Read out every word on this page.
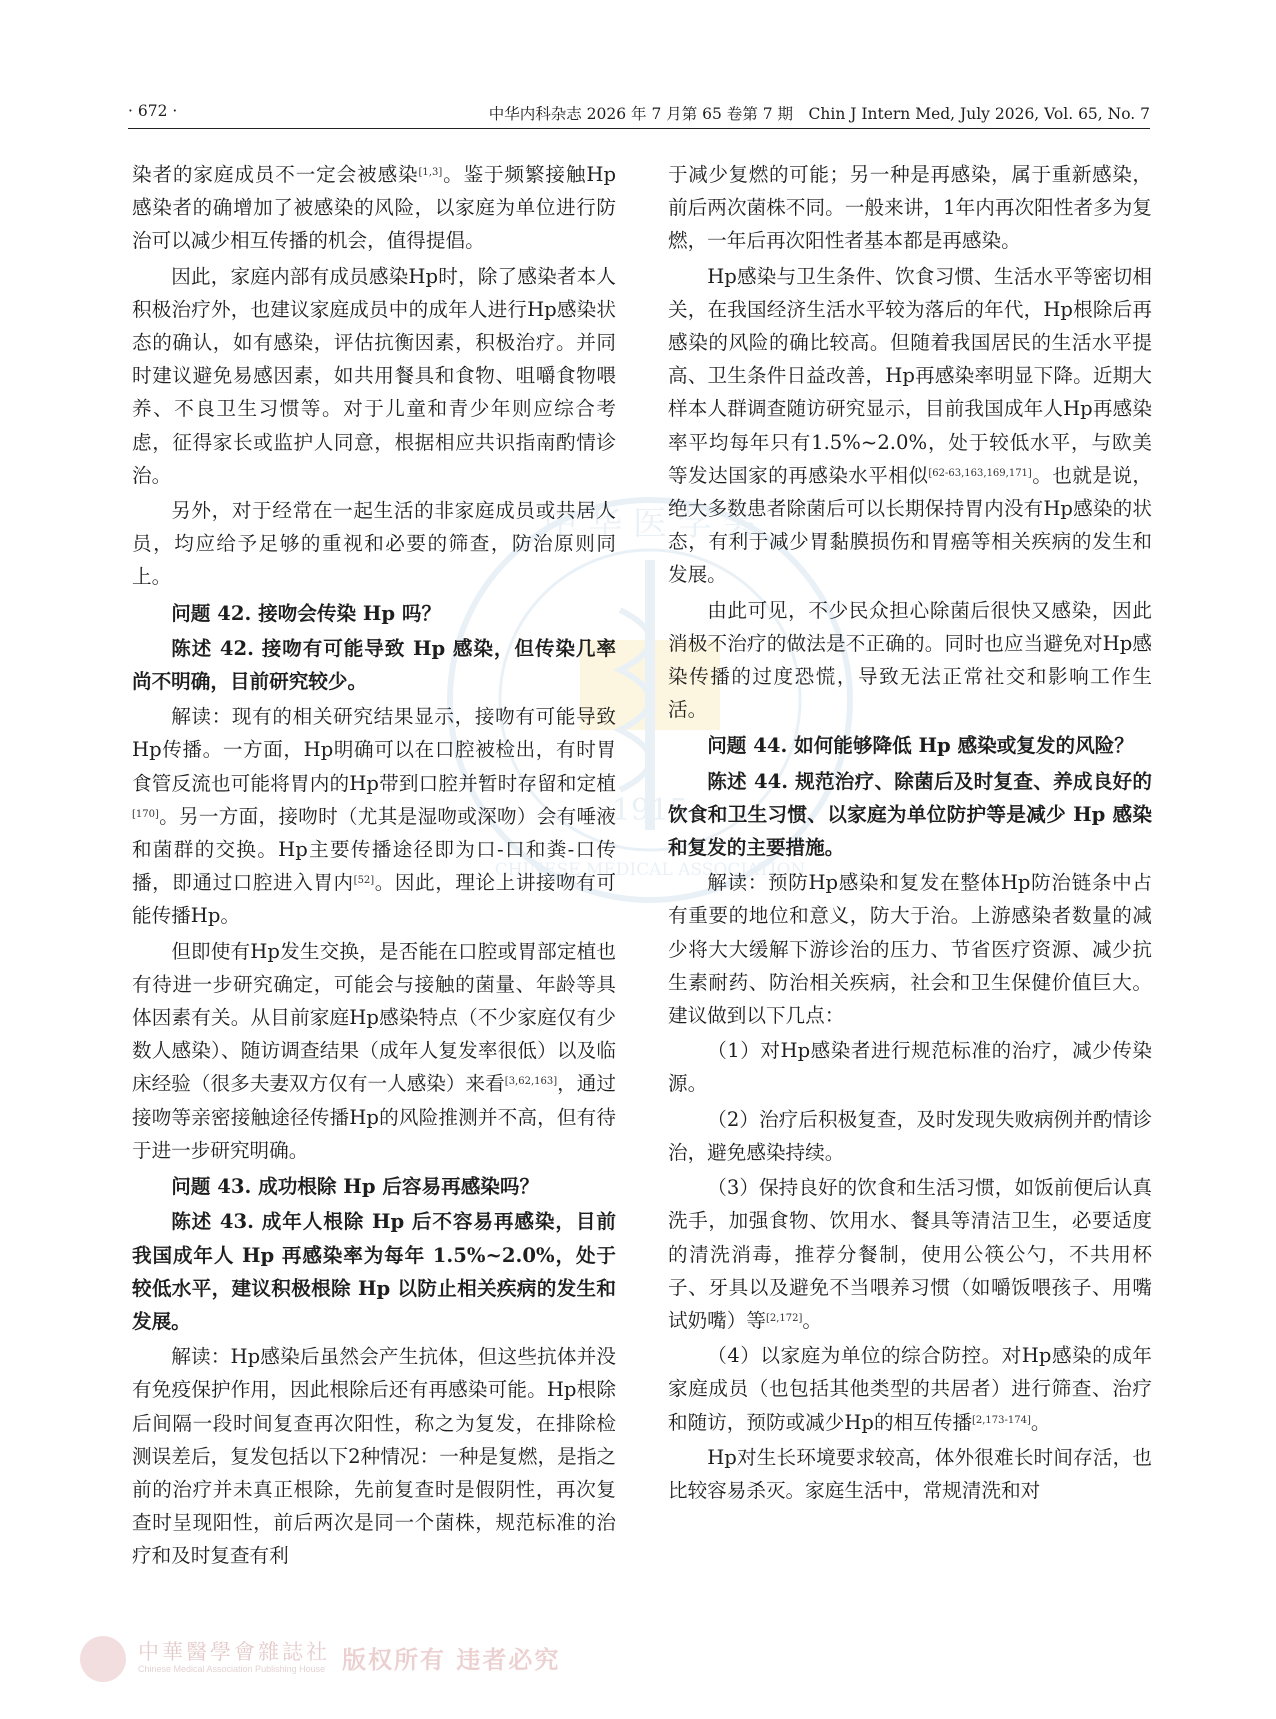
中 华 医 学 会
1915
CHINESE MEDICAL ASSOCIATION
· 672 ·	中华内科杂志 2026 年 7 月第 65 卷第 7 期　Chin J Intern Med, July 2026, Vol. 65, No. 7

染者的家庭成员不一定会被感染[1,3]。鉴于频繁接触Hp感染者的确增加了被感染的风险，以家庭为单位进行防治可以减少相互传播的机会，值得提倡。

因此，家庭内部有成员感染Hp时，除了感染者本人积极治疗外，也建议家庭成员中的成年人进行Hp感染状态的确认，如有感染，评估抗衡因素，积极治疗。并同时建议避免易感因素，如共用餐具和食物、咀嚼食物喂养、不良卫生习惯等。对于儿童和青少年则应综合考虑，征得家长或监护人同意，根据相应共识指南酌情诊治。

另外，对于经常在一起生活的非家庭成员或共居人员，均应给予足够的重视和必要的筛查，防治原则同上。

问题 42. 接吻会传染 Hp 吗？

陈述 42. 接吻有可能导致 Hp 感染，但传染几率尚不明确，目前研究较少。

解读：现有的相关研究结果显示，接吻有可能导致Hp传播。一方面，Hp明确可以在口腔被检出，有时胃食管反流也可能将胃内的Hp带到口腔并暂时存留和定植[170]。另一方面，接吻时（尤其是湿吻或深吻）会有唾液和菌群的交换。Hp主要传播途径即为口-口和粪-口传播，即通过口腔进入胃内[52]。因此，理论上讲接吻有可能传播Hp。

但即使有Hp发生交换，是否能在口腔或胃部定植也有待进一步研究确定，可能会与接触的菌量、年龄等具体因素有关。从目前家庭Hp感染特点（不少家庭仅有少数人感染）、随访调查结果（成年人复发率很低）以及临床经验（很多夫妻双方仅有一人感染）来看[3,62,163]，通过接吻等亲密接触途径传播Hp的风险推测并不高，但有待于进一步研究明确。

问题 43. 成功根除 Hp 后容易再感染吗？

陈述 43. 成年人根除 Hp 后不容易再感染，目前我国成年人 Hp 再感染率为每年 1.5%~2.0%，处于较低水平，建议积极根除 Hp 以防止相关疾病的发生和发展。

解读：Hp感染后虽然会产生抗体，但这些抗体并没有免疫保护作用，因此根除后还有再感染可能。Hp根除后间隔一段时间复查再次阳性，称之为复发，在排除检测误差后，复发包括以下2种情况：一种是复燃，是指之前的治疗并未真正根除，先前复查时是假阴性，再次复查时呈现阳性，前后两次是同一个菌株，规范标准的治疗和及时复查有利

于减少复燃的可能；另一种是再感染，属于重新感染，前后两次菌株不同。一般来讲，1年内再次阳性者多为复燃，一年后再次阳性者基本都是再感染。

Hp感染与卫生条件、饮食习惯、生活水平等密切相关，在我国经济生活水平较为落后的年代，Hp根除后再感染的风险的确比较高。但随着我国居民的生活水平提高、卫生条件日益改善，Hp再感染率明显下降。近期大样本人群调查随访研究显示，目前我国成年人Hp再感染率平均每年只有1.5%~2.0%，处于较低水平，与欧美等发达国家的再感染水平相似[62-63,163,169,171]。也就是说，绝大多数患者除菌后可以长期保持胃内没有Hp感染的状态，有利于减少胃黏膜损伤和胃癌等相关疾病的发生和发展。

由此可见，不少民众担心除菌后很快又感染，因此消极不治疗的做法是不正确的。同时也应当避免对Hp感染传播的过度恐慌，导致无法正常社交和影响工作生活。

问题 44. 如何能够降低 Hp 感染或复发的风险？

陈述 44. 规范治疗、除菌后及时复查、养成良好的饮食和卫生习惯、以家庭为单位防护等是减少 Hp 感染和复发的主要措施。

解读：预防Hp感染和复发在整体Hp防治链条中占有重要的地位和意义，防大于治。上游感染者数量的减少将大大缓解下游诊治的压力、节省医疗资源、减少抗生素耐药、防治相关疾病，社会和卫生保健价值巨大。建议做到以下几点：

（1）对Hp感染者进行规范标准的治疗，减少传染源。

（2）治疗后积极复查，及时发现失败病例并酌情诊治，避免感染持续。

（3）保持良好的饮食和生活习惯，如饭前便后认真洗手，加强食物、饮用水、餐具等清洁卫生，必要适度的清洗消毒，推荐分餐制，使用公筷公勺，不共用杯子、牙具以及避免不当喂养习惯（如嚼饭喂孩子、用嘴试奶嘴）等[2,172]。

（4）以家庭为单位的综合防控。对Hp感染的成年家庭成员（也包括其他类型的共居者）进行筛查、治疗和随访，预防或减少Hp的相互传播[2,173-174]。

Hp对生长环境要求较高，体外很难长时间存活，也比较容易杀灭。家庭生活中，常规清洗和对

中華醫學會雜誌社
Chinese Medical Association Publishing House 版权所有 违者必究
